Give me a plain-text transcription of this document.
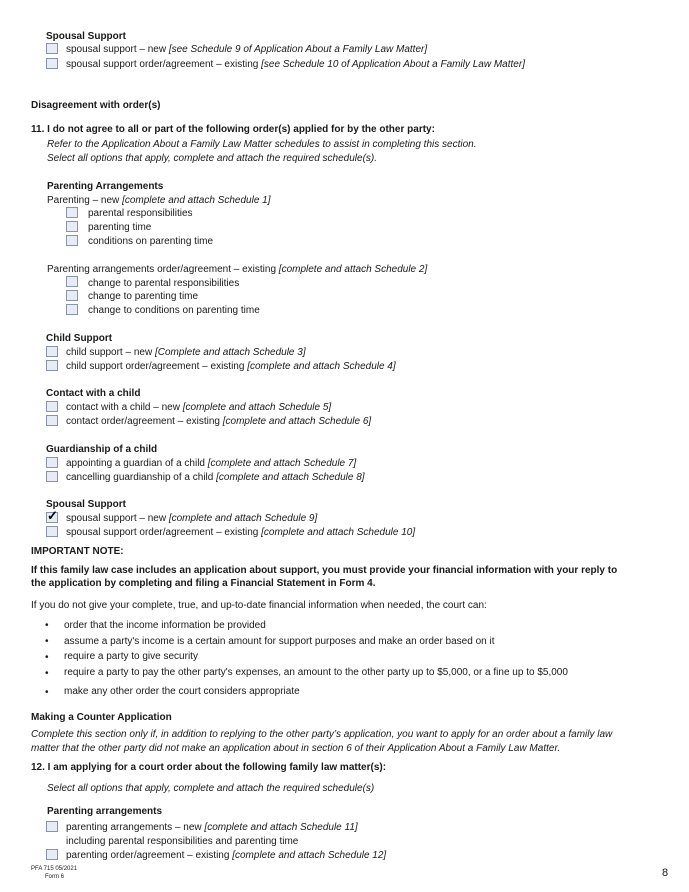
Spousal Support
spousal support – new [see Schedule 9 of Application About a Family Law Matter]
spousal support order/agreement – existing [see Schedule 10 of Application About a Family Law Matter]
Disagreement with order(s)
11. I do not agree to all or part of the following order(s) applied for by the other party:
Refer to the Application About a Family Law Matter schedules to assist in completing this section.
Select all options that apply, complete and attach the required schedule(s).
Parenting Arrangements
Parenting – new [complete and attach Schedule 1]
parental responsibilities
parenting time
conditions on parenting time
Parenting arrangements order/agreement – existing [complete and attach Schedule 2]
change to parental responsibilities
change to parenting time
change to conditions on parenting time
Child Support
child support – new [Complete and attach Schedule 3]
child support order/agreement – existing [complete and attach Schedule 4]
Contact with a child
contact with a child – new [complete and attach Schedule 5]
contact order/agreement – existing [complete and attach Schedule 6]
Guardianship of a child
appointing a guardian of a child [complete and attach Schedule 7]
cancelling guardianship of a child [complete and attach Schedule 8]
Spousal Support
✓ spousal support – new [complete and attach Schedule 9]
spousal support order/agreement – existing [complete and attach Schedule 10]
IMPORTANT NOTE:
If this family law case includes an application about support, you must provide your financial information with your reply to
the application by completing and filing a Financial Statement in Form 4.
If you do not give your complete, true, and up-to-date financial information when needed, the court can:
• order that the income information be provided
• assume a party's income is a certain amount for support purposes and make an order based on it
• require a party to give security
• require a party to pay the other party's expenses, an amount to the other party up to $5,000, or a fine up to $5,000
• make any other order the court considers appropriate
Making a Counter Application
Complete this section only if, in addition to replying to the other party’s application, you want to apply for an order about a family law
matter that the other party did not make an application about in section 6 of their Application About a Family Law Matter.
12. I am applying for a court order about the following family law matter(s):
Select all options that apply, complete and attach the required schedule(s)
Parenting arrangements
parenting arrangements – new [complete and attach Schedule 11]
including parental responsibilities and parenting time
parenting order/agreement – existing [complete and attach Schedule 12]
PFA 715 05/2021
Form 6	8
